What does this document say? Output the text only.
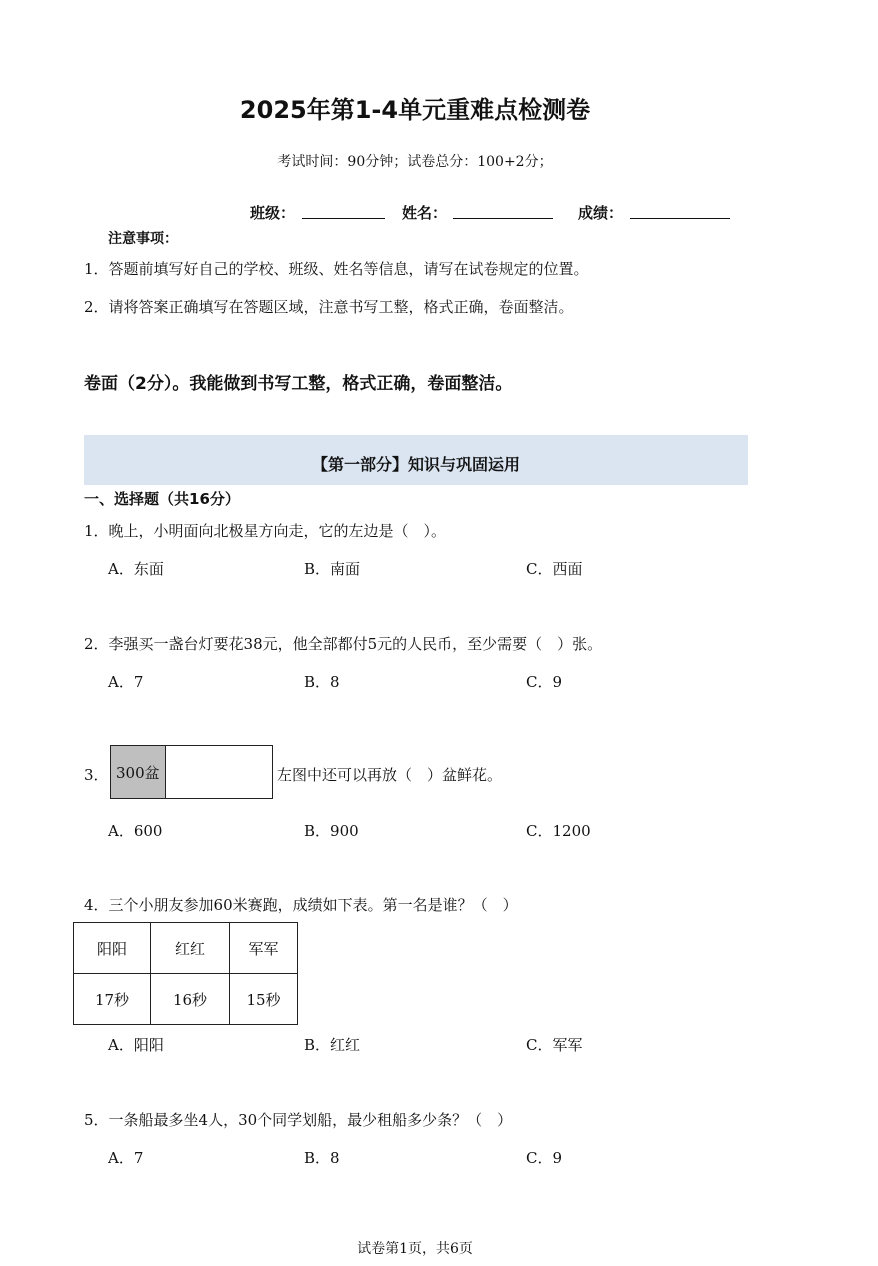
2025年第1-4单元重难点检测卷
考试时间：90分钟；试卷总分：100+2分；
班级：	姓名：	成绩：
注意事项：
1．答题前填写好自己的学校、班级、姓名等信息，请写在试卷规定的位置。
2．请将答案正确填写在答题区域，注意书写工整，格式正确，卷面整洁。
卷面（2分）。我能做到书写工整，格式正确，卷面整洁。
【第一部分】知识与巩固运用
一、选择题（共16分）
1．晚上，小明面向北极星方向走，它的左边是（　）。
A．东面	B．南面	C．西面
2．李强买一盏台灯要花38元，他全部都付5元的人民币，至少需要（　）张。
A．7	B．8	C．9
3． 300盆	左图中还可以再放（　）盆鲜花。
A．600	B．900	C．1200
4．三个小朋友参加60米赛跑，成绩如下表。第一名是谁？（　）
阳阳	红红	军军
17秒	16秒	15秒
A．阳阳	B．红红	C．军军
5．一条船最多坐4人，30个同学划船，最少租船多少条？（　）
A．7	B．8	C．9
试卷第1页，共6页
